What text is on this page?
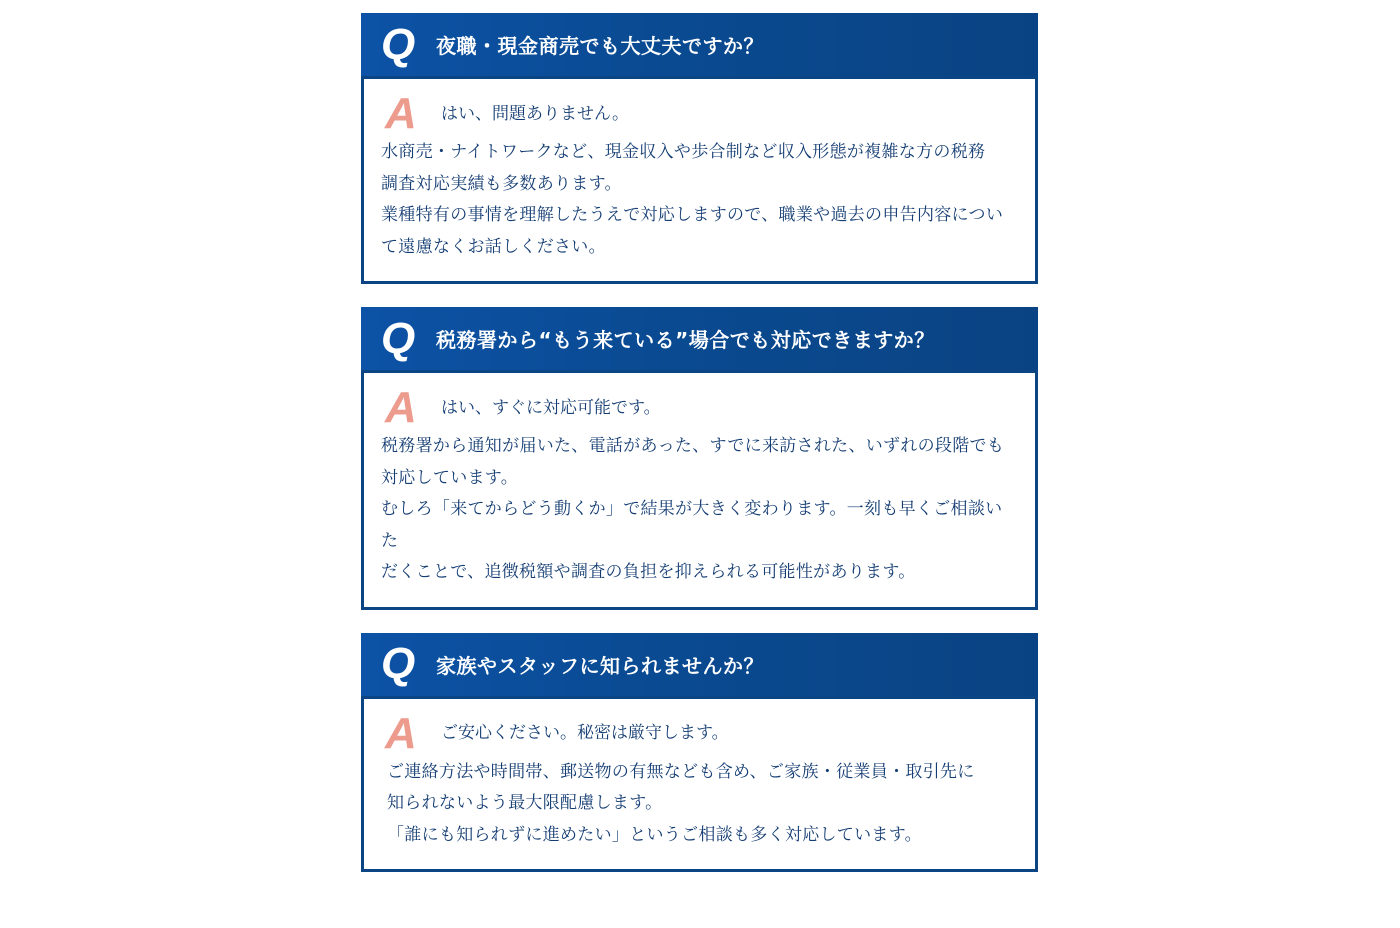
Q	夜職・現金商売でも大丈夫ですか？
A	はい、問題ありません。

水商売・ナイトワークなど、現金収入や歩合制など収入形態が複雑な方の税務

調査対応実績も多数あります。

業種特有の事情を理解したうえで対応しますので、職業や過去の申告内容につい

て遠慮なくお話しください。

Q	税務署から“もう来ている”場合でも対応できますか？
A	はい、すぐに対応可能です。

税務署から通知が届いた、電話があった、すでに来訪された、いずれの段階でも

対応しています。

むしろ「来てからどう動くか」で結果が大きく変わります。一刻も早くご相談いた

だくことで、追徴税額や調査の負担を抑えられる可能性があります。

Q	家族やスタッフに知られませんか？
A	ご安心ください。秘密は厳守します。

ご連絡方法や時間帯、郵送物の有無なども含め、ご家族・従業員・取引先に

知られないよう最大限配慮します。

「誰にも知られずに進めたい」というご相談も多く対応しています。
